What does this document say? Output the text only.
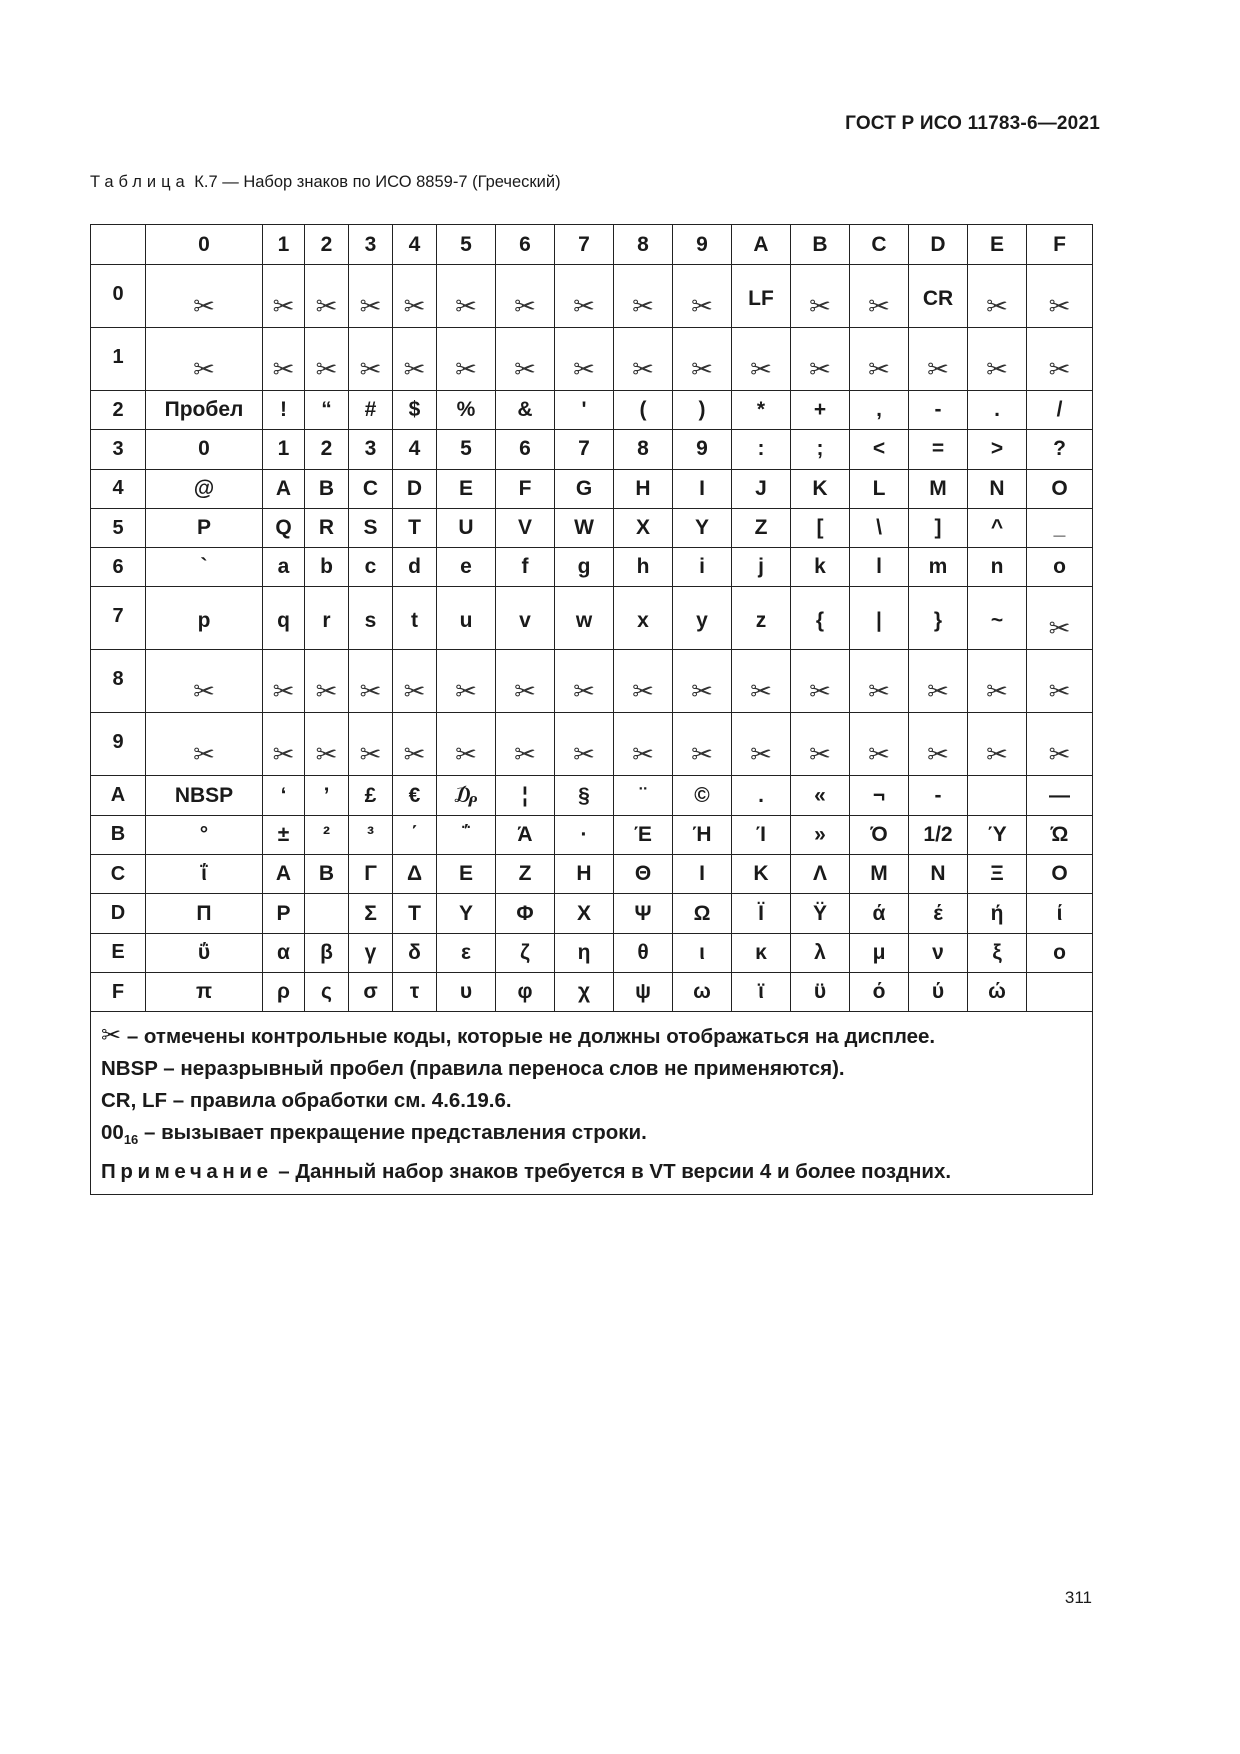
ГОСТ Р ИСО 11783-6—2021
Таблица К.7 — Набор знаков по ИСО 8859-7 (Греческий)
	0	1	2	3	4	5	6	7	8	9	A	B	C	D	E	F
0	✂	✂	✂	✂	✂	✂	✂	✂	✂	✂	LF	✂	✂	CR	✂	✂
1	✂	✂	✂	✂	✂	✂	✂	✂	✂	✂	✂	✂	✂	✂	✂	✂
2	Пробел	!	“	#	$	%	&	'	(	)	*	+	,	-	.	/
3	0	1	2	3	4	5	6	7	8	9	:	;	<	=	>	?
4	@	A	B	C	D	E	F	G	H	I	J	K	L	M	N	O
5	P	Q	R	S	T	U	V	W	X	Y	Z	[	\	]	^	_
6	`	a	b	c	d	e	f	g	h	i	j	k	l	m	n	o
7	p	q	r	s	t	u	v	w	x	y	z	{	|	}	~	✂
8	✂	✂	✂	✂	✂	✂	✂	✂	✂	✂	✂	✂	✂	✂	✂	✂
9	✂	✂	✂	✂	✂	✂	✂	✂	✂	✂	✂	✂	✂	✂	✂	✂
A	NBSP	‘	’	£	€	₯	¦	§	¨	©	.	«	¬	-		―
B	°	±	²	³	΄	΅	Ά	·	Έ	Ή	Ί	»	Ό	1/2	Ύ	Ώ
C	ΐ	Α	Β	Γ	Δ	Ε	Ζ	Η	Θ	Ι	Κ	Λ	Μ	Ν	Ξ	Ο
D	Π	Ρ		Σ	Τ	Υ	Φ	Χ	Ψ	Ω	Ϊ	Ϋ	ά	έ	ή	ί
E	ΰ	α	β	γ	δ	ε	ζ	η	θ	ι	κ	λ	μ	ν	ξ	ο
F	π	ρ	ς	σ	τ	υ	φ	χ	ψ	ω	ϊ	ϋ	ό	ύ	ώ	

✂ – отмечены контрольные коды, которые не должны отображаться на дисплее.
NBSP – неразрывный пробел (правила переноса слов не применяются).
CR, LF – правила обработки см. 4.6.19.6.
$00_{16}$ – вызывает прекращение представления строки.
Примечание – Данный набор знаков требуется в VT версии 4 и более поздних.																
311
